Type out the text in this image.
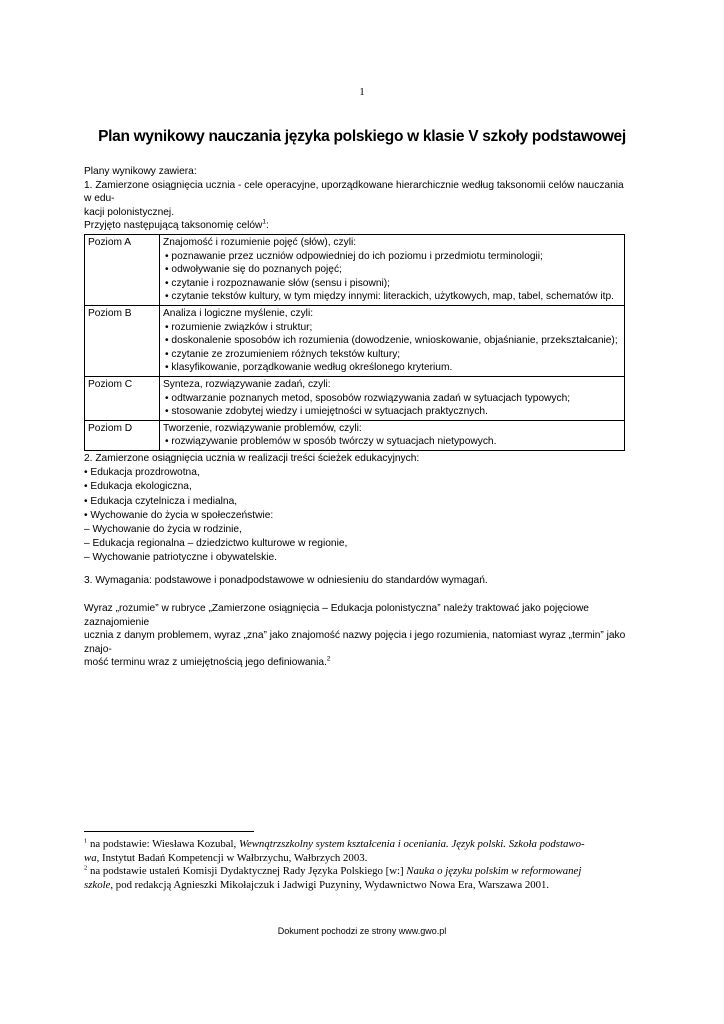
1
Plan wynikowy nauczania języka polskiego w klasie V szkoły podstawowej

Plany wynikowy zawiera:

1. Zamierzone osiągnięcia ucznia - cele operacyjne, uporządkowane hierarchicznie według taksonomii celów nauczania w edu-

kacji polonistycznej.

Przyjęto następującą taksonomię celów$^1$:

Poziom A	Znajomość i rozumienie pojęć (słów), czyli:
• poznawanie przez uczniów odpowiedniej do ich poziomu i przedmiotu terminologii;
• odwoływanie się do poznanych pojęć;
• czytanie i rozpoznawanie słów (sensu i pisowni);
• czytanie tekstów kultury, w tym między innymi: literackich, użytkowych, map, tabel, schematów itp.

Poziom B	Analiza i logiczne myślenie, czyli:
• rozumienie związków i struktur;
• doskonalenie sposobów ich rozumienia (dowodzenie, wnioskowanie, objaśnianie, przekształcanie);
• czytanie ze zrozumieniem różnych tekstów kultury;
• klasyfikowanie, porządkowanie według określonego kryterium.

Poziom C	Synteza, rozwiązywanie zadań, czyli:
• odtwarzanie poznanych metod, sposobów rozwiązywania zadań w sytuacjach typowych;
• stosowanie zdobytej wiedzy i umiejętności w sytuacjach praktycznych.

Poziom D	Tworzenie, rozwiązywanie problemów, czyli:
• rozwiązywanie problemów w sposób twórczy w sytuacjach nietypowych.

2. Zamierzone osiągnięcia ucznia w realizacji treści ścieżek edukacyjnych:

• Edukacja prozdrowotna,

• Edukacja ekologiczna,

• Edukacja czytelnicza i medialna,

• Wychowanie do życia w społeczeństwie:

– Wychowanie do życia w rodzinie,

– Edukacja regionalna – dziedzictwo kulturowe w regionie,

– Wychowanie patriotyczne i obywatelskie.

3. Wymagania: podstawowe i ponadpodstawowe w odniesieniu do standardów wymagań.

Wyraz „rozumie” w rubryce „Zamierzone osiągnięcia – Edukacja polonistyczna” należy traktować jako pojęciowe zaznajomienie
ucznia z danym problemem, wyraz „zna” jako znajomość nazwy pojęcia i jego rozumienia, natomiast wyraz „termin” jako znajo-
mość terminu wraz z umiejętnością jego definiowania.$^2$

$^1$ na podstawie: Wiesława Kozubal, Wewnątrzszkolny system kształcenia i oceniania. Język polski. Szkoła podstawo-
wa, Instytut Badań Kompetencji w Wałbrzychu, Wałbrzych 2003.

$^2$ na podstawie ustaleń Komisji Dydaktycznej Rady Języka Polskiego [w:] Nauka o języku polskim w reformowanej
szkole, pod redakcją Agnieszki Mikołajczuk i Jadwigi Puzyniny, Wydawnictwo Nowa Era, Warszawa 2001.

Dokument pochodzi ze strony www.gwo.pl
